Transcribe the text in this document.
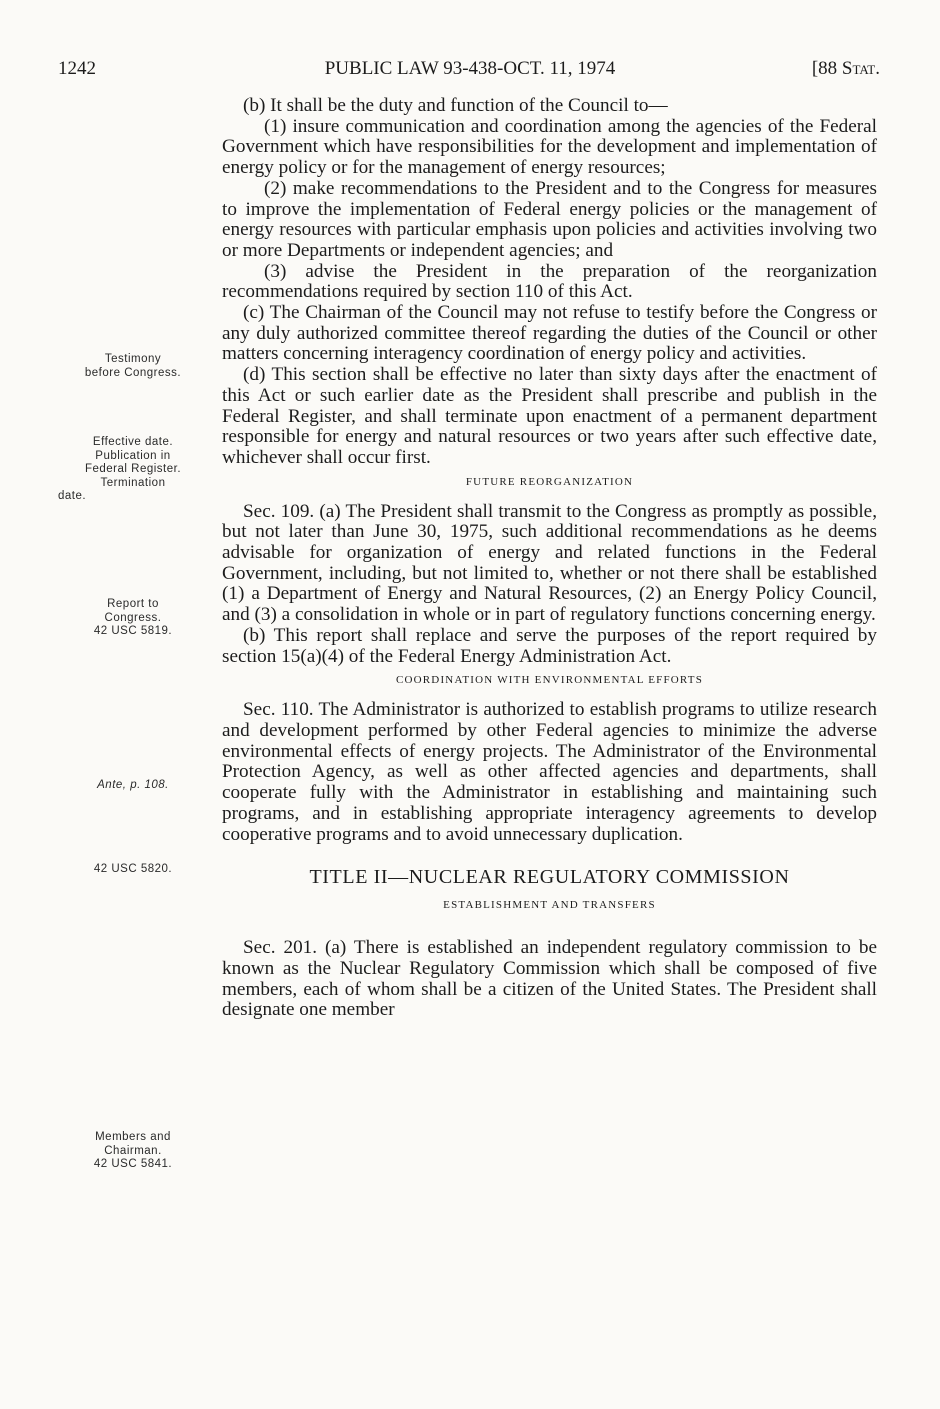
1242	PUBLIC LAW 93-438-OCT. 11, 1974	[88 Stat.
Testimony
before Congress.
Effective date.
Publication in
Federal Register.
Termination
date.
Report to
Congress.
42 USC 5819.
Ante, p. 108.
42 USC 5820.
Members and
Chairman.
42 USC 5841.

(b) It shall be the duty and function of the Council to—

(1) insure communication and coordination among the agencies of the Federal Government which have responsibilities for the development and implementation of energy policy or for the management of energy resources;

(2) make recommendations to the President and to the Congress for measures to improve the implementation of Federal energy policies or the management of energy resources with particular emphasis upon policies and activities involving two or more Departments or independent agencies; and

(3) advise the President in the preparation of the reorganization recommendations required by section 110 of this Act.

(c) The Chairman of the Council may not refuse to testify before the Congress or any duly authorized committee thereof regarding the duties of the Council or other matters concerning interagency coordination of energy policy and activities.

(d) This section shall be effective no later than sixty days after the enactment of this Act or such earlier date as the President shall prescribe and publish in the Federal Register, and shall terminate upon enactment of a permanent department responsible for energy and natural resources or two years after such effective date, whichever shall occur first.

FUTURE REORGANIZATION

Sec. 109. (a) The President shall transmit to the Congress as promptly as possible, but not later than June 30, 1975, such additional recommendations as he deems advisable for organization of energy and related functions in the Federal Government, including, but not limited to, whether or not there shall be established (1) a Department of Energy and Natural Resources, (2) an Energy Policy Council, and (3) a consolidation in whole or in part of regulatory functions concerning energy.

(b) This report shall replace and serve the purposes of the report required by section 15(a)(4) of the Federal Energy Administration Act.

COORDINATION WITH ENVIRONMENTAL EFFORTS

Sec. 110. The Administrator is authorized to establish programs to utilize research and development performed by other Federal agencies to minimize the adverse environmental effects of energy projects. The Administrator of the Environmental Protection Agency, as well as other affected agencies and departments, shall cooperate fully with the Administrator in establishing and maintaining such programs, and in establishing appropriate interagency agreements to develop cooperative programs and to avoid unnecessary duplication.

TITLE II—NUCLEAR REGULATORY COMMISSION

ESTABLISHMENT AND TRANSFERS

Sec. 201. (a) There is established an independent regulatory commission to be known as the Nuclear Regulatory Commission which shall be composed of five members, each of whom shall be a citizen of the United States. The President shall designate one member
